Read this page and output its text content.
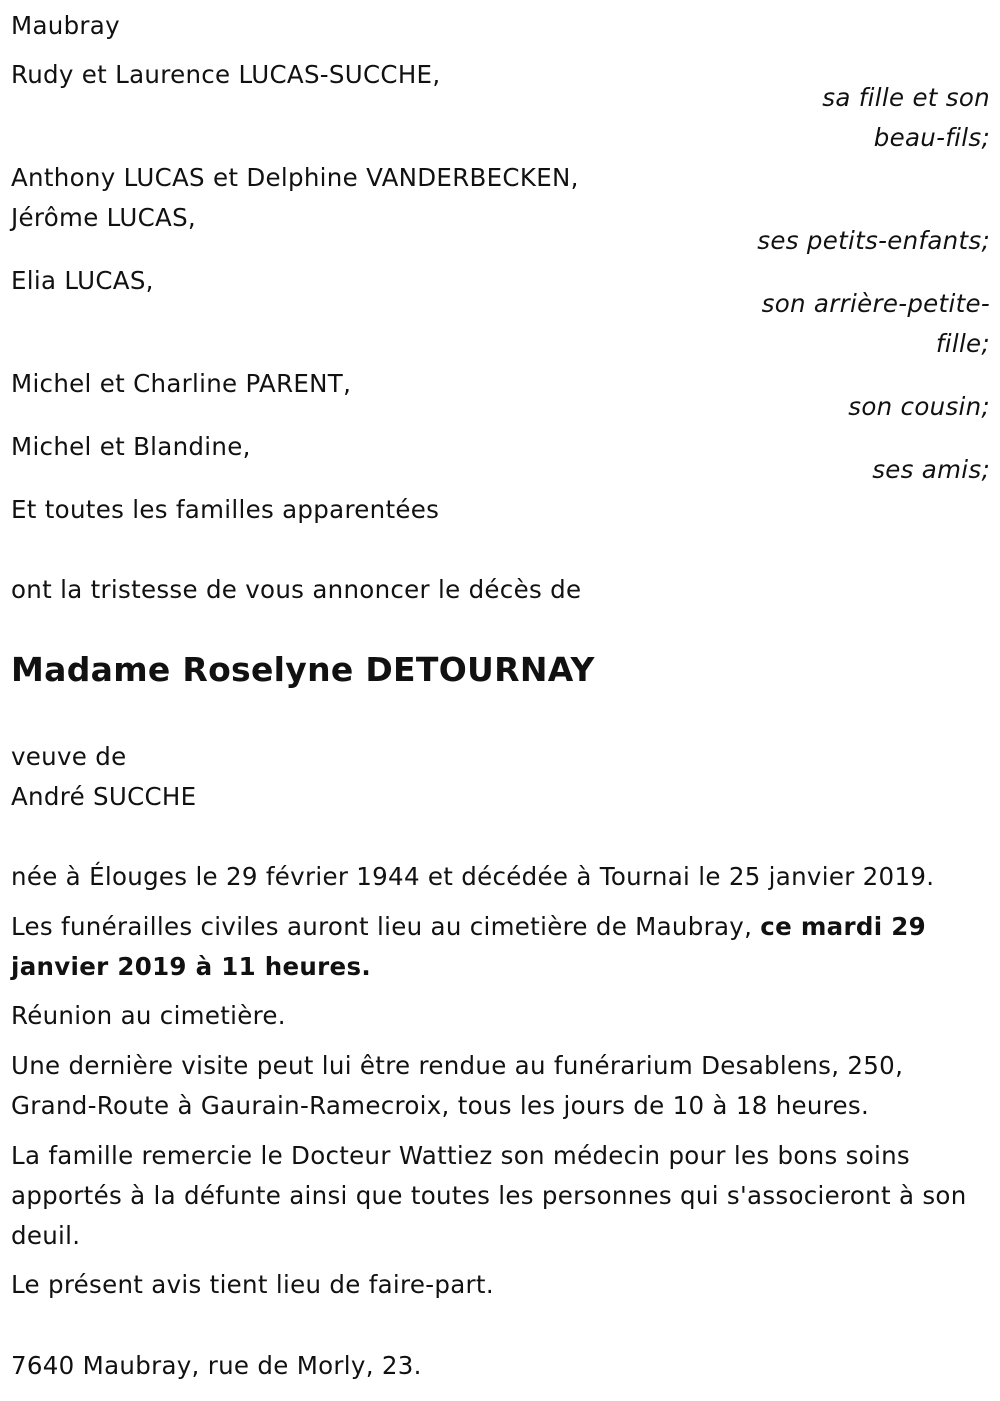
Maubray
Rudy et Laurence LUCAS-SUCCHE,
sa fille et son
beau-fils;
Anthony LUCAS et Delphine VANDERBECKEN,
Jérôme LUCAS,
ses petits-enfants;
Elia LUCAS,
son arrière-petite-
fille;
Michel et Charline PARENT,
son cousin;
Michel et Blandine,
ses amis;
Et toutes les familles apparentées
ont la tristesse de vous annoncer le décès de
Madame Roselyne DETOURNAY
veuve de
André SUCCHE
née à Élouges le 29 février 1944 et décédée à Tournai le 25 janvier 2019.
Les funérailles civiles auront lieu au cimetière de Maubray, ce mardi 29 janvier 2019 à 11 heures.
Réunion au cimetière.
Une dernière visite peut lui être rendue au funérarium Desablens, 250, Grand-Route à Gaurain-Ramecroix, tous les jours de 10 à 18 heures.
La famille remercie le Docteur Wattiez son médecin pour les bons soins apportés à la défunte ainsi que toutes les personnes qui s'associeront à son deuil.
Le présent avis tient lieu de faire-part.
7640 Maubray, rue de Morly, 23.
